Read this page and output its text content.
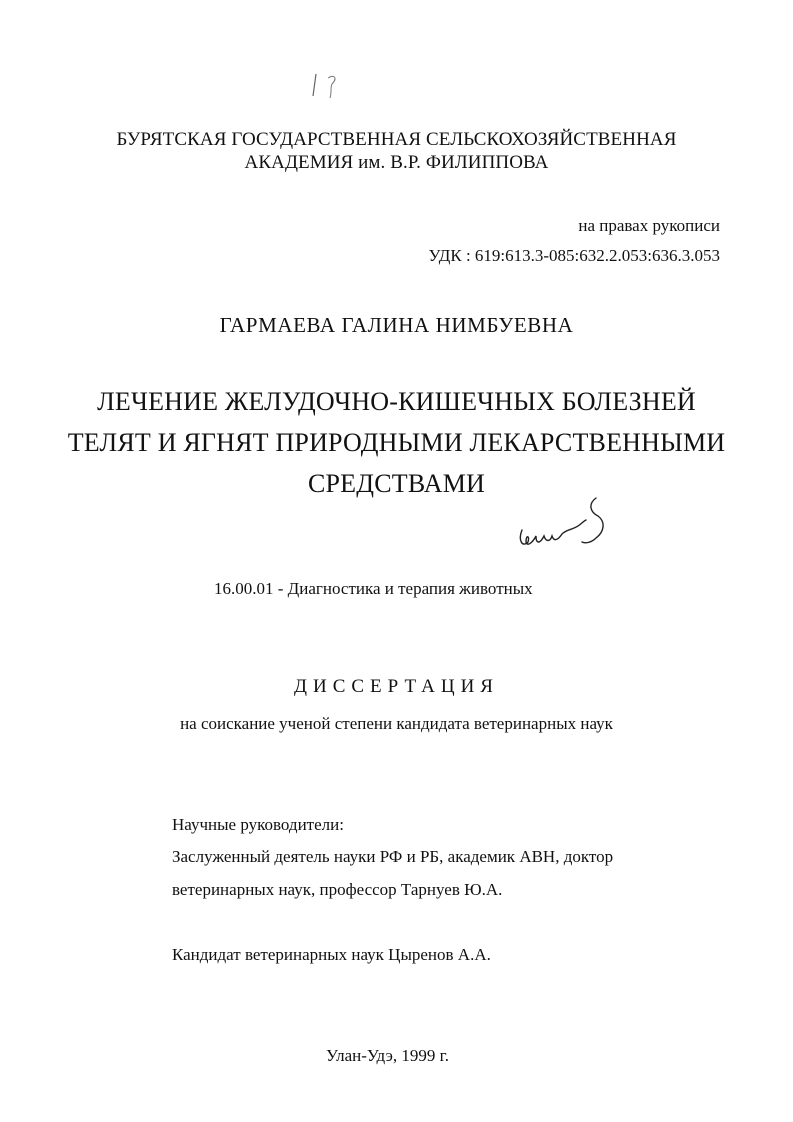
БУРЯТСКАЯ ГОСУДАРСТВЕННАЯ СЕЛЬСКОХОЗЯЙСТВЕННАЯ
АКАДЕМИЯ им. В.Р. ФИЛИППОВА
на правах рукописи
УДК : 619:613.3-085:632.2.053:636.3.053
ГАРМАЕВА ГАЛИНА НИМБУЕВНА
ЛЕЧЕНИЕ ЖЕЛУДОЧНО-КИШЕЧНЫХ БОЛЕЗНЕЙ
ТЕЛЯТ И ЯГНЯТ ПРИРОДНЫМИ ЛЕКАРСТВЕННЫМИ
СРЕДСТВАМИ
16.00.01 - Диагностика и терапия животных
ДИССЕРТАЦИЯ
на соискание ученой степени кандидата ветеринарных наук
Научные руководители:
Заслуженный деятель науки РФ и РБ, академик АВН, доктор
ветеринарных наук, профессор Тарнуев Ю.А.
Кандидат ветеринарных наук Цыренов А.А.
Улан-Удэ, 1999 г.
